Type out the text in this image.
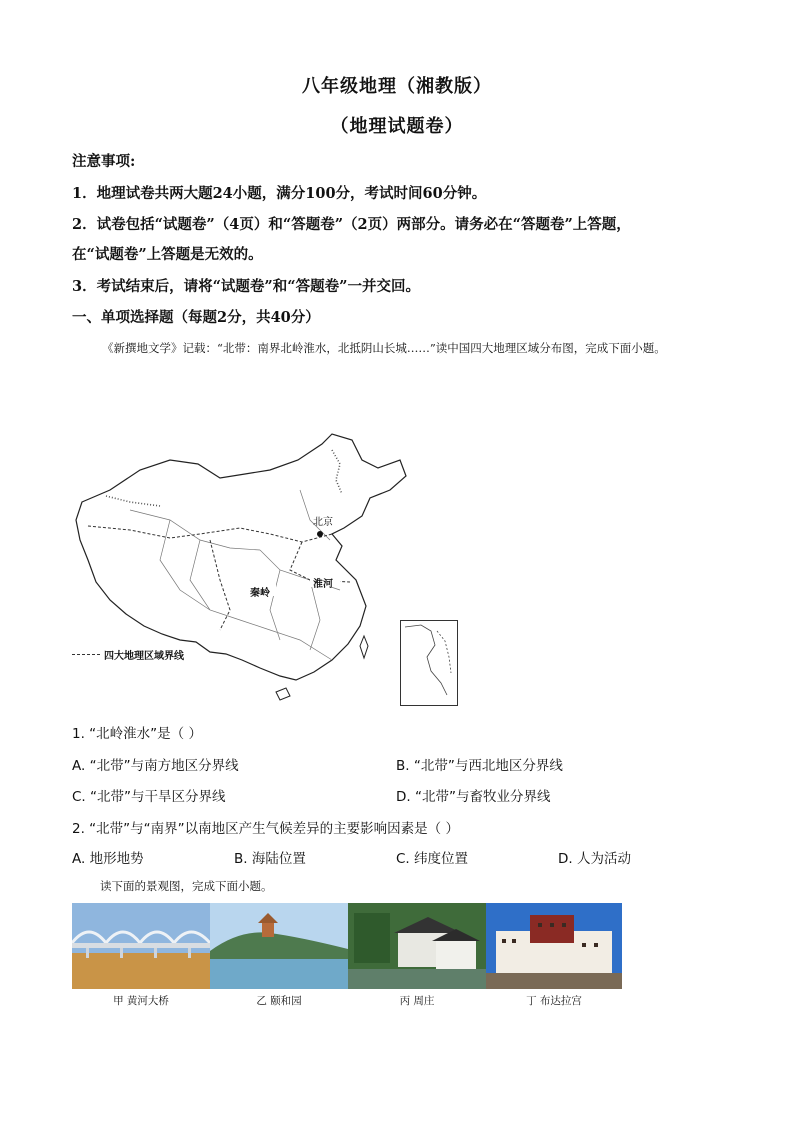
八年级地理（湘教版）
（地理试题卷）
注意事项:
1．地理试卷共两大题24小题，满分100分，考试时间60分钟。
2．试卷包括“试题卷”（4页）和“答题卷”（2页）两部分。请务必在“答题卷”上答题，
在“试题卷”上答题是无效的。
3．考试结束后，请将“试题卷”和“答题卷”一并交回。
一、单项选择题（每题2分，共40分）
《新撰地文学》记载：“北带：南界北岭淮水，北抵阴山长城……”读中国四大地理区域分布图，完成下面小题。
北京
秦岭
淮河
四大地理区域界线
1. “北岭淮水”是（ ）
A. “北带”与南方地区分界线	B. “北带”与西北地区分界线
C. “北带”与干旱区分界线	D. “北带”与畜牧业分界线
2. “北带”与“南界”以南地区产生气候差异的主要影响因素是（ ）
A. 地形地势	B. 海陆位置	C. 纬度位置	D. 人为活动
读下面的景观图，完成下面小题。
甲 黄河大桥	乙 颐和园	丙 周庄	丁 布达拉宫
